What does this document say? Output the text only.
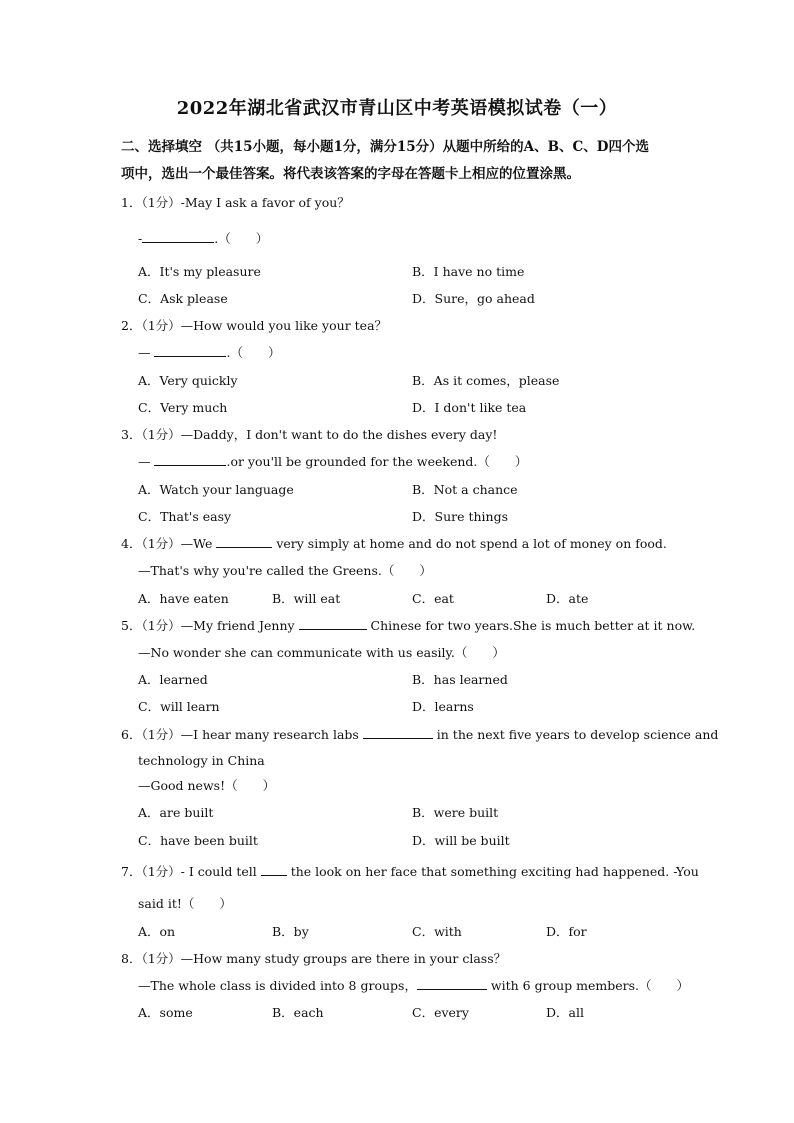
2022年湖北省武汉市青山区中考英语模拟试卷（一）
二、选择填空 （共15小题，每小题1分，满分15分）从题中所给的A、B、C、D四个选
项中，选出一个最佳答案。将代表该答案的字母在答题卡上相应的位置涂黑。
1．（1分）-May I ask a favor of you？
-	.（　　）
A．It's my pleasure	B．I have no time
C．Ask please	D．Sure，go ahead
2．（1分）—How would you like your tea？
—	.（　　）
A．Very quickly	B．As it comes，please
C．Very much	D．I don't like tea
3．（1分）—Daddy，I don't want to do the dishes every day!
—	.or you'll be grounded for the weekend.（　　）
A．Watch your language	B．Not a chance
C．That's easy	D．Sure things
4．（1分）—We	very simply at home and do not spend a lot of money on food.
—That's why you're called the Greens.（　　）
A．have eaten	B．will eat	C．eat	D．ate
5．（1分）—My friend Jenny	Chinese for two years.She is much better at it now.
—No wonder she can communicate with us easily.（　　）
A．learned	B．has learned
C．will learn	D．learns
6．（1分）—I hear many research labs	in the next five years to develop science and
technology in China
—Good news!（　　）
A．are built	B．were built
C．have been built	D．will be built
7．（1分）- I could tell  the look on her face that something exciting had happened. -You
said it!（　　）
A．on	B．by	C．with	D．for
8．（1分）—How many study groups are there in your class？
—The whole class is divided into 8 groups，	with 6 group members.（　　）
A．some	B．each	C．every	D．all
